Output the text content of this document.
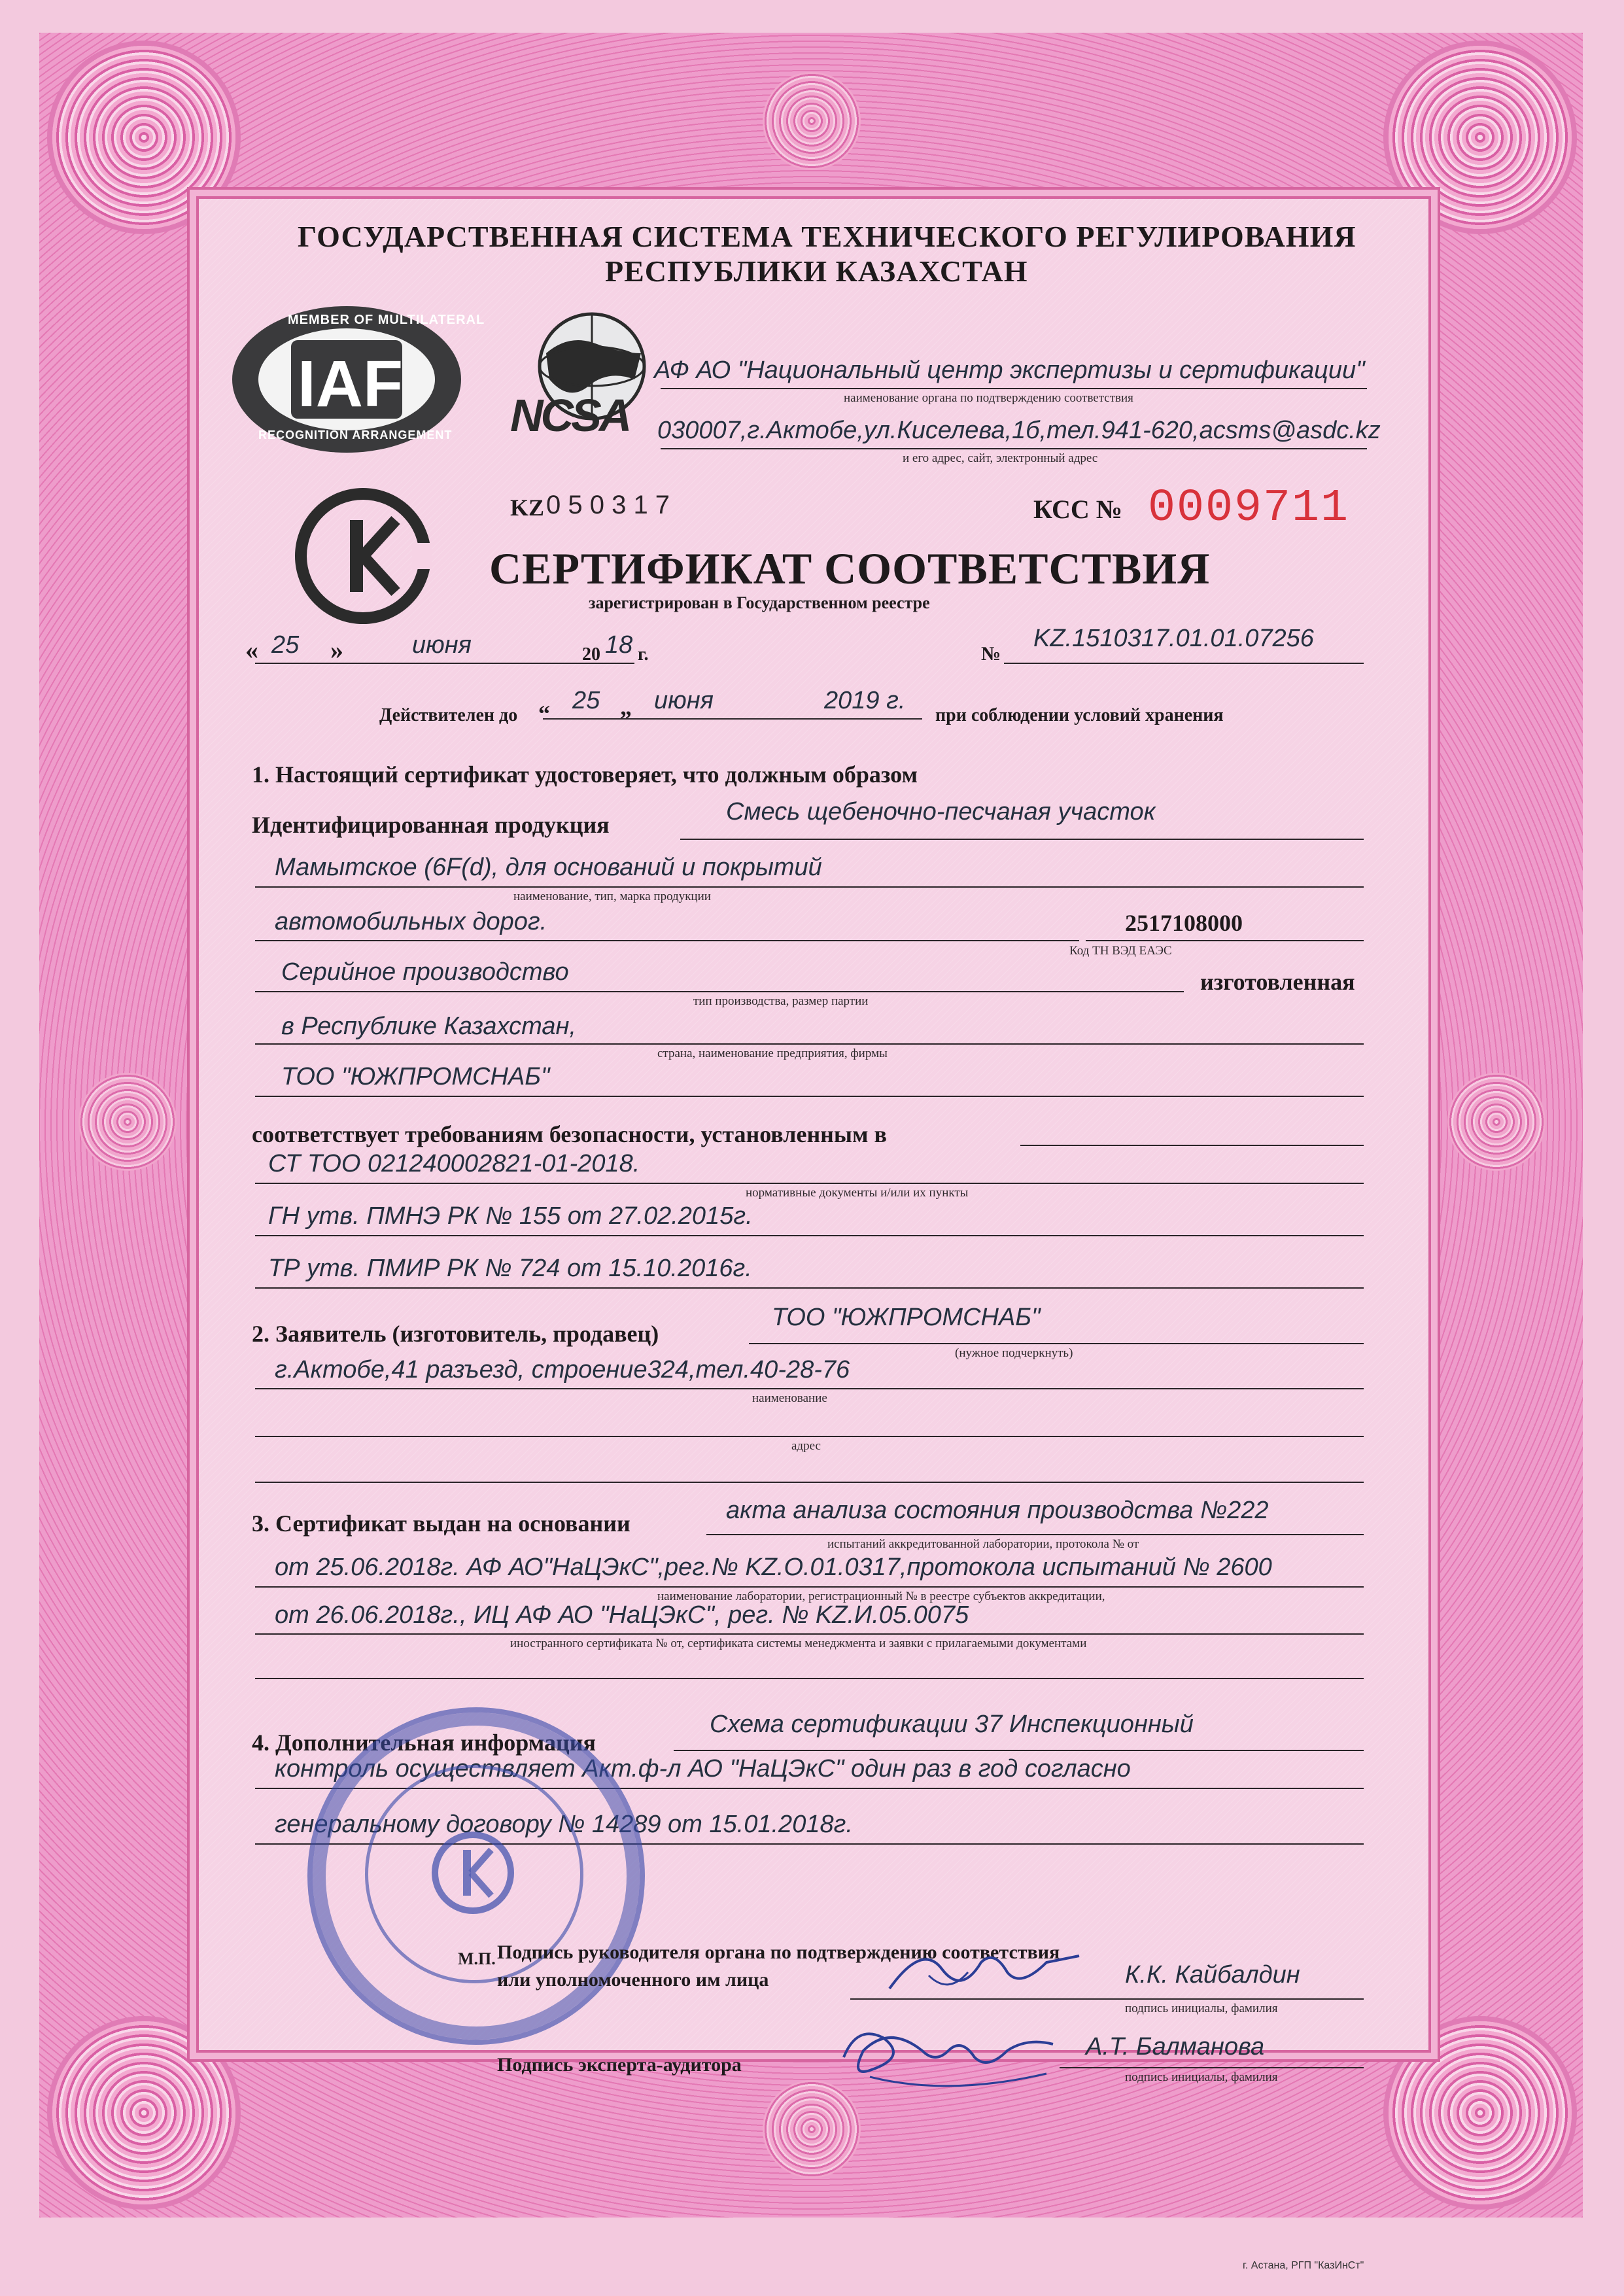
ГОСУДАРСТВЕННАЯ СИСТЕМА ТЕХНИЧЕСКОГО РЕГУЛИРОВАНИЯ
РЕСПУБЛИКИ КАЗАХСТАН
MEMBER OF MULTILATERAL
IAF
RECOGNITION ARRANGEMENT NCSA
АФ АО "Национальный центр экспертизы и сертификации"
наименование органа по подтверждению соответствия
030007,г.Актобе,ул.Киселева,1б,тел.941-620,acsms@asdc.kz
и его адрес, сайт, электронный адрес
KZ 0 5 0 3 1 7	КСС № 0009711
СЕРТИФИКАТ СООТВЕТСТВИЯ
зарегистрирован в Государственном реестре
« 25 »	июня	20 18 г.	№
KZ.1510317.01.01.07256
Действителен до “ 25 „ июня	2019 г.
при соблюдении условий хранения
1. Настоящий сертификат удостоверяет, что должным образом
Идентифицированная продукция	Смесь щебеночно-песчаная участок
Мамытское (6F(d), для оснований и покрытий
наименование, тип, марка продукции
автомобильных дорог.	2517108000
Код ТН ВЭД ЕАЭС
Серийное производство
тип производства, размер партии
изготовленная
в Республике Казахстан,
страна, наименование предприятия, фирмы
ТОО "ЮЖПРОМСНАБ"
соответствует требованиям безопасности, установленным в
СТ ТОО 021240002821-01-2018.
нормативные документы и/или их пункты
ГН утв. ПМНЭ РК № 155 от 27.02.2015г.
ТР утв. ПМИР РК № 724 от 15.10.2016г.
2. Заявитель (изготовитель, продавец)
ТОО "ЮЖПРОМСНАБ"
(нужное подчеркнуть)
г.Актобе,41 разъезд, строение324,тел.40-28-76
наименование
адрес
3. Сертификат выдан на основании	акта анализа состояния производства №222
испытаний аккредитованной лаборатории, протокола № от
от 25.06.2018г. АФ АО"НаЦЭкС",рег.№ KZ.О.01.0317,протокола испытаний № 2600
наименование лаборатории, регистрационный № в реестре субъектов аккредитации,
от 26.06.2018г., ИЦ АФ АО "НаЦЭкС", рег. № KZ.И.05.0075
иностранного сертификата № от, сертификата системы менеджмента и заявки с прилагаемыми документами
4. Дополнительная информация
Схема сертификации 37 Инспекционный
контроль осуществляет Акт.ф-л АО "НаЦЭкС" один раз в год согласно
генеральному договору № 14289 от 15.01.2018г.
М.П. Подпись руководителя органа по подтверждению соответствия
или уполномоченного им лица	К.К. Кайбалдин
подпись инициалы, фамилия
Подпись эксперта-аудитора
А.Т. Балманова
подпись инициалы, фамилия
г. Астана, РГП "КазИнСт"
